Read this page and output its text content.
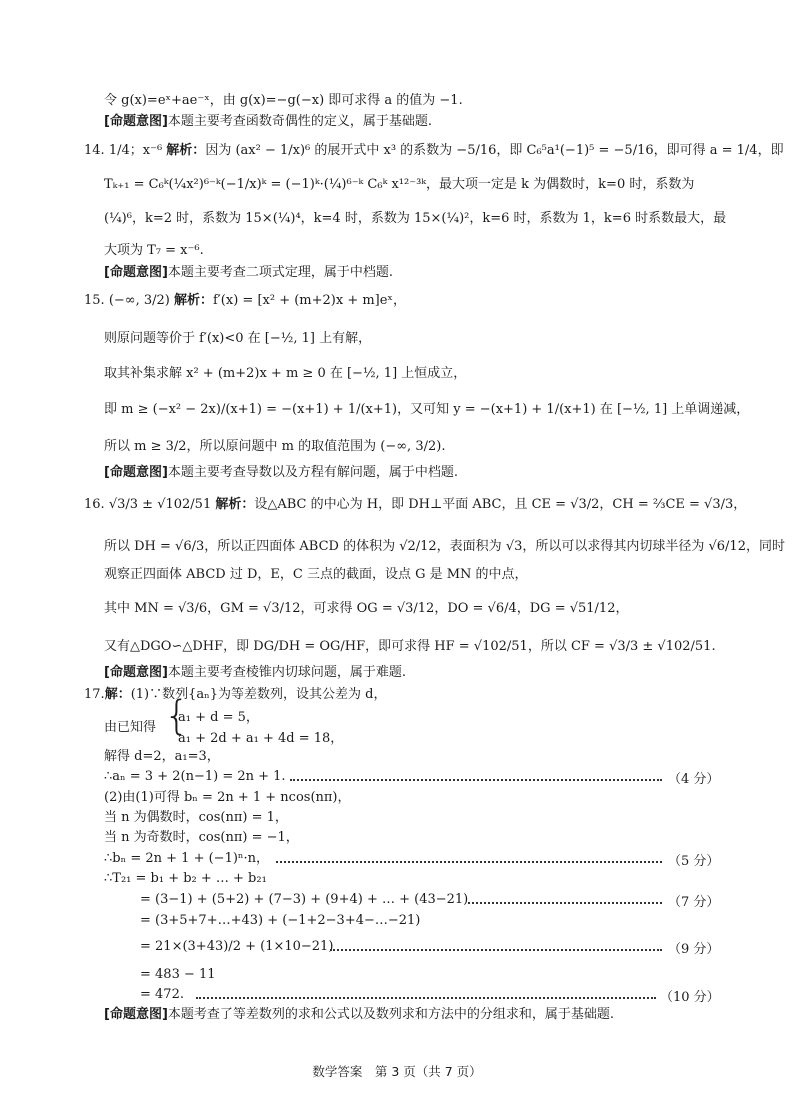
令 g(x)=eˣ+ae⁻ˣ，由 g(x)=−g(−x) 即可求得 a 的值为 −1.
[命题意图]本题主要考查函数奇偶性的定义，属于基础题.
14. 1/4；x⁻⁶ 解析：因为 (ax² − 1/x)⁶ 的展开式中 x³ 的系数为 −5/16，即 C₆⁵a¹(−1)⁵ = −5/16，即可得 a = 1/4，即
Tₖ₊₁ = C₆ᵏ(¼x²)⁶⁻ᵏ(−1/x)ᵏ = (−1)ᵏ·(¼)⁶⁻ᵏ C₆ᵏ x¹²⁻³ᵏ，最大项一定是 k 为偶数时，k=0 时，系数为
(¼)⁶，k=2 时，系数为 15×(¼)⁴，k=4 时，系数为 15×(¼)²，k=6 时，系数为 1，k=6 时系数最大，最
大项为 T₇ = x⁻⁶.
[命题意图]本题主要考查二项式定理，属于中档题.
15. (−∞, 3/2) 解析：f′(x) = [x² + (m+2)x + m]eˣ，
则原问题等价于 f′(x)<0 在 [−½, 1] 上有解，
取其补集求解 x² + (m+2)x + m ≥ 0 在 [−½, 1] 上恒成立，
即 m ≥ (−x² − 2x)/(x+1) = −(x+1) + 1/(x+1)，又可知 y = −(x+1) + 1/(x+1) 在 [−½, 1] 上单调递减，
所以 m ≥ 3/2，所以原问题中 m 的取值范围为 (−∞, 3/2).
[命题意图]本题主要考查导数以及方程有解问题，属于中档题.
16. √3/3 ± √102/51 解析：设△ABC 的中心为 H，即 DH⊥平面 ABC，且 CE = √3/2，CH = ⅔CE = √3/3，
所以 DH = √6/3，所以正四面体 ABCD 的体积为 √2/12，表面积为 √3，所以可以求得其内切球半径为 √6/12，同时
观察正四面体 ABCD 过 D，E，C 三点的截面，设点 G 是 MN 的中点，
其中 MN = √3/6，GM = √3/12，可求得 OG = √3/12，DO = √6/4，DG = √51/12，
又有△DGO∽△DHF，即 DG/DH = OG/HF，即可求得 HF = √102/51，所以 CF = √3/3 ± √102/51.
[命题意图]本题主要考查棱锥内切球问题，属于难题.
17.解：(1)∵数列{aₙ}为等差数列，设其公差为 d，
由已知得 {
a₁ + d = 5，
a₁ + 2d + a₁ + 4d = 18，
解得 d=2，a₁=3，
∴aₙ = 3 + 2(n−1) = 2n + 1.	（4 分）
(2)由(1)可得 bₙ = 2n + 1 + ncos(nπ)，
当 n 为偶数时，cos(nπ) = 1，
当 n 为奇数时，cos(nπ) = −1，
∴bₙ = 2n + 1 + (−1)ⁿ·n，	（5 分）
∴T₂₁ = b₁ + b₂ + … + b₂₁
= (3−1) + (5+2) + (7−3) + (9+4) + … + (43−21)	（7 分）
= (3+5+7+…+43) + (−1+2−3+4−…−21)
= 21×(3+43)/2 + (1×10−21)	（9 分）
= 483 − 11
= 472.	（10 分）
[命题意图]本题考查了等差数列的求和公式以及数列求和方法中的分组求和，属于基础题.
数学答案　第 3 页（共 7 页）
